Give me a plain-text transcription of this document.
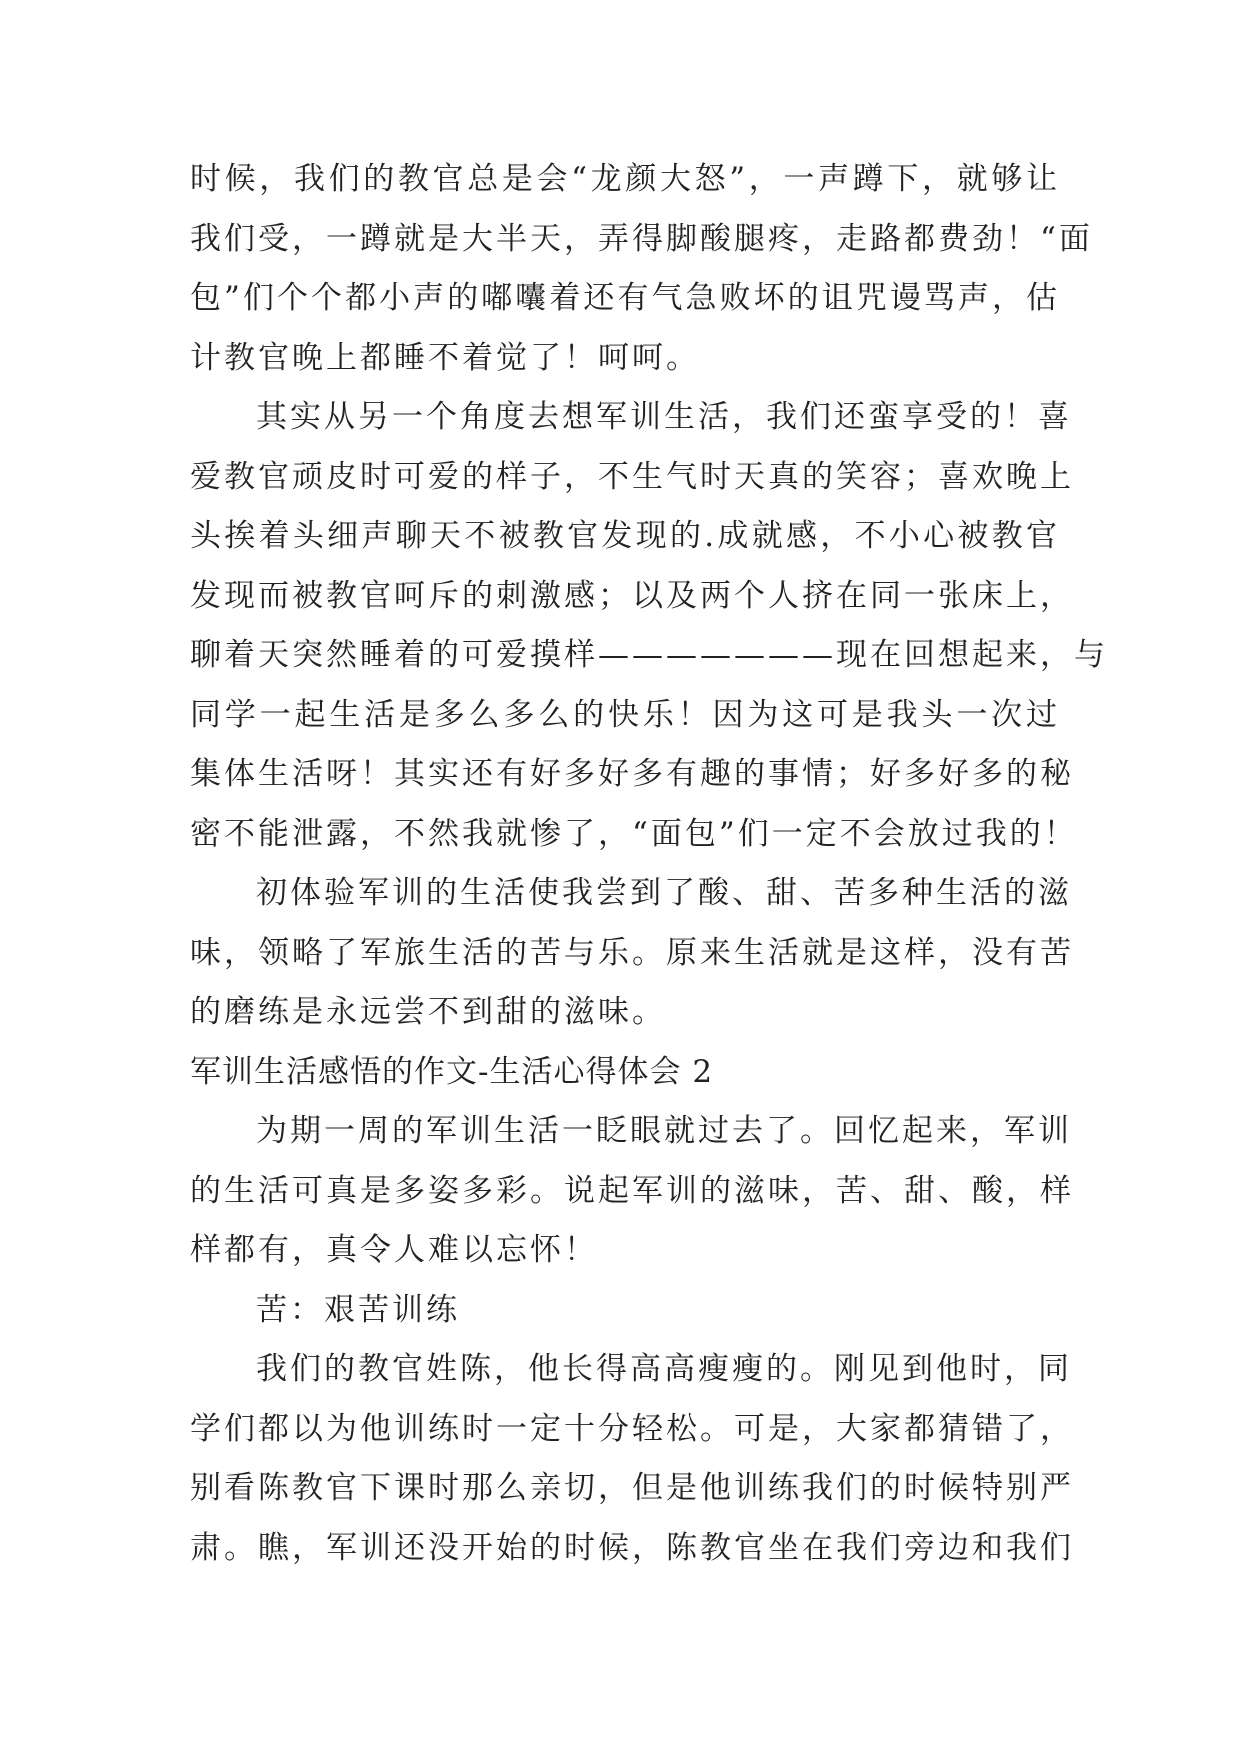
时候，我们的教官总是会“龙颜大怒”，一声蹲下，就够让
我们受，一蹲就是大半天，弄得脚酸腿疼，走路都费劲！“面
包”们个个都小声的嘟囔着还有气急败坏的诅咒谩骂声，估
计教官晚上都睡不着觉了！呵呵。
其实从另一个角度去想军训生活，我们还蛮享受的！喜
爱教官顽皮时可爱的样子，不生气时天真的笑容；喜欢晚上
头挨着头细声聊天不被教官发现的.成就感，不小心被教官
发现而被教官呵斥的刺激感；以及两个人挤在同一张床上，
聊着天突然睡着的可爱摸样———————现在回想起来，与
同学一起生活是多么多么的快乐！因为这可是我头一次过
集体生活呀！其实还有好多好多有趣的事情；好多好多的秘
密不能泄露，不然我就惨了，“面包”们一定不会放过我的！
初体验军训的生活使我尝到了酸、甜、苦多种生活的滋
味，领略了军旅生活的苦与乐。原来生活就是这样，没有苦
的磨练是永远尝不到甜的滋味。
军训生活感悟的作文-生活心得体会 2
为期一周的军训生活一眨眼就过去了。回忆起来，军训
的生活可真是多姿多彩。说起军训的滋味，苦、甜、酸，样
样都有，真令人难以忘怀！
苦：艰苦训练
我们的教官姓陈，他长得高高瘦瘦的。刚见到他时，同
学们都以为他训练时一定十分轻松。可是，大家都猜错了，
别看陈教官下课时那么亲切，但是他训练我们的时候特别严
肃。瞧，军训还没开始的时候，陈教官坐在我们旁边和我们
